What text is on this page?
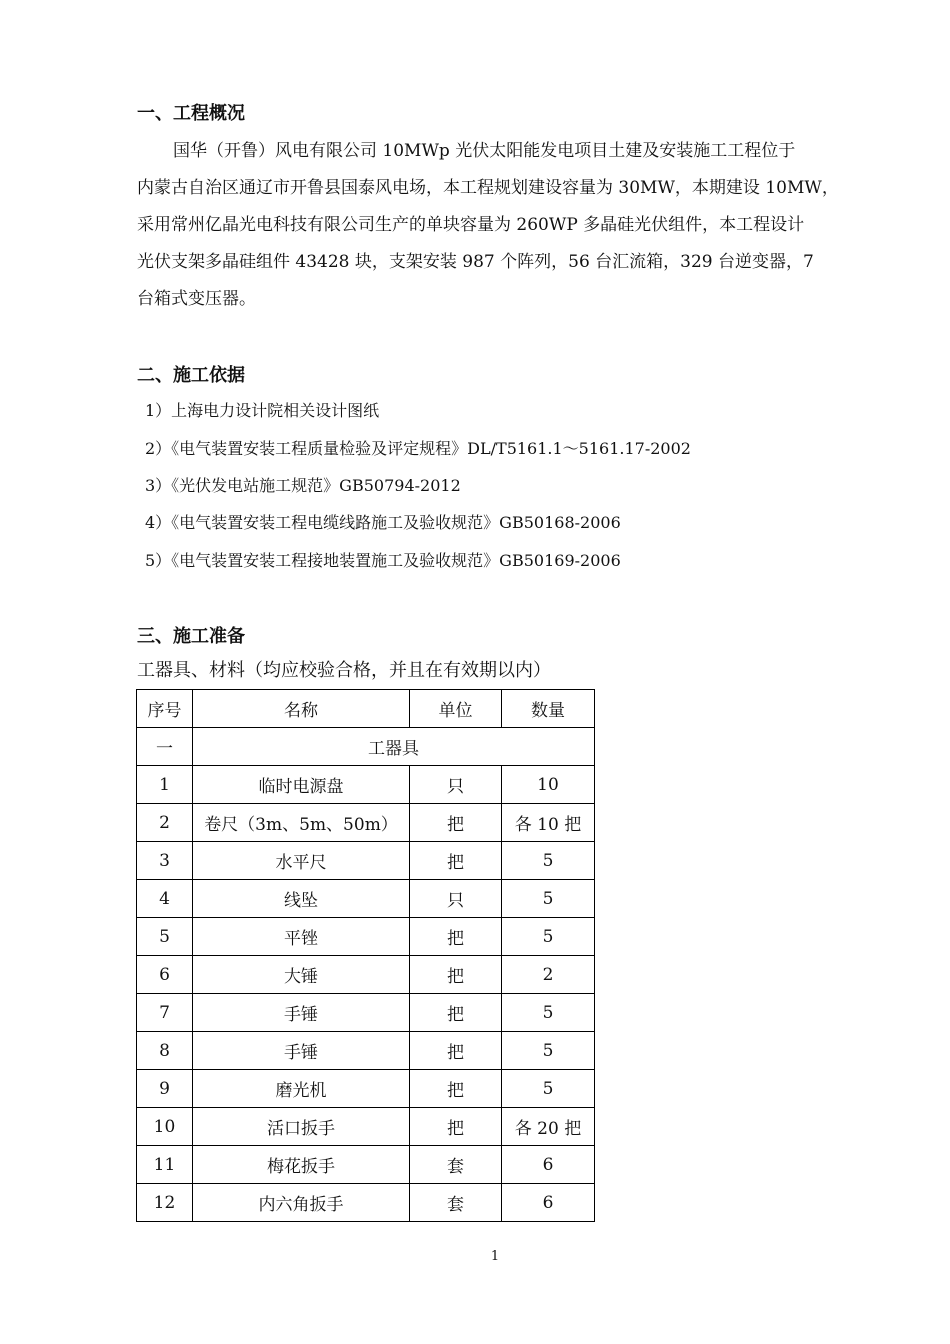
一、工程概况
国华（开鲁）风电有限公司 10MWp 光伏太阳能发电项目土建及安装施工工程位于
内蒙古自治区通辽市开鲁县国泰风电场，本工程规划建设容量为 30MW，本期建设 10MW，
采用常州亿晶光电科技有限公司生产的单块容量为 260WP 多晶硅光伏组件，本工程设计
光伏支架多晶硅组件 43428 块，支架安装 987 个阵列，56 台汇流箱，329 台逆变器，7
台箱式变压器。
二、施工依据
1）上海电力设计院相关设计图纸
2）《电气装置安装工程质量检验及评定规程》DL/T5161.1～5161.17-2002
3）《光伏发电站施工规范》GB50794-2012
4）《电气装置安装工程电缆线路施工及验收规范》GB50168-2006
5）《电气装置安装工程接地装置施工及验收规范》GB50169-2006
三、施工准备
工器具、材料（均应校验合格，并且在有效期以内）
序号	名称	单位	数量
一	工器具		
1	临时电源盘	只	10
2	卷尺（3m、5m、50m）	把	各 10 把
3	水平尺	把	5
4	线坠	只	5
5	平锉	把	5
6	大锤	把	2
7	手锤	把	5
8	手锤	把	5
9	磨光机	把	5
10	活口扳手	把	各 20 把
11	梅花扳手	套	6
12	内六角扳手	套	6
1
